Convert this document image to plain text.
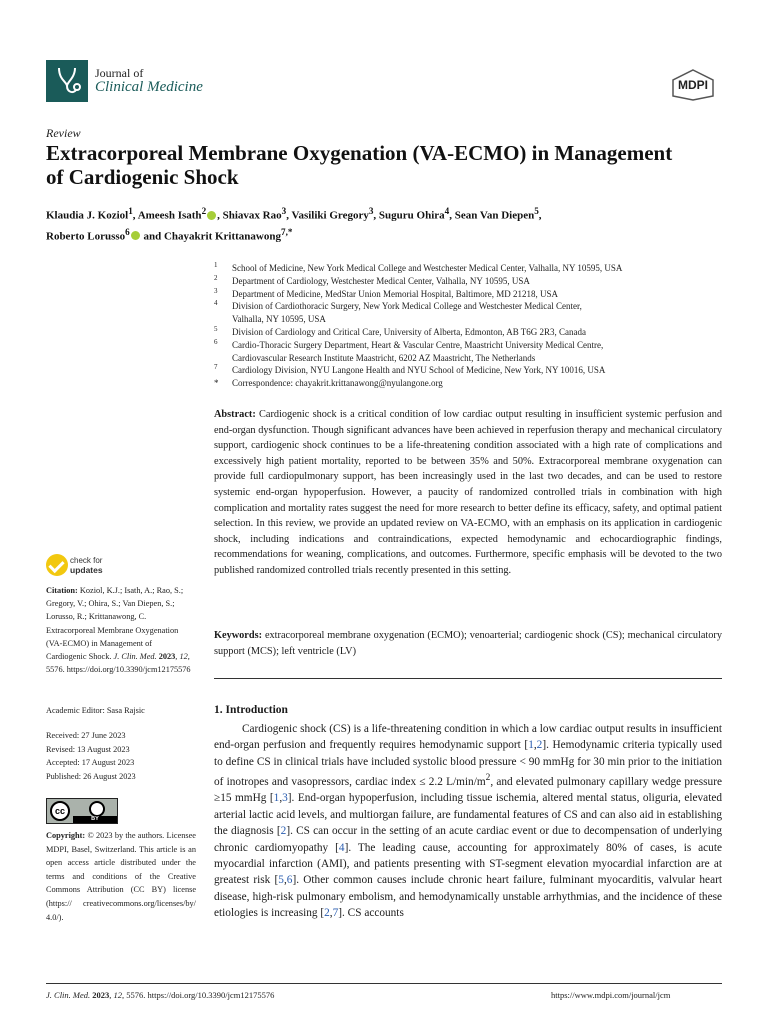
Journal of
Clinical Medicine	MDPI
Review
Extracorporeal Membrane Oxygenation (VA-ECMO) in Management of Cardiogenic Shock
Klaudia J. Koziol$^1$, Ameesh Isath$^2$ , Shiavax Rao$^3$, Vasiliki Gregory$^3$, Suguru Ohira$^4$, Sean Van Diepen$^5$,
Roberto Lorusso$^6$ and Chayakrit Krittanawong$^{7,*}$
1 School of Medicine, New York Medical College and Westchester Medical Center, Valhalla, NY 10595, USA
2 Department of Cardiology, Westchester Medical Center, Valhalla, NY 10595, USA
3 Department of Medicine, MedStar Union Memorial Hospital, Baltimore, MD 21218, USA
4 Division of Cardiothoracic Surgery, New York Medical College and Westchester Medical Center,
Valhalla, NY 10595, USA
5 Division of Cardiology and Critical Care, University of Alberta, Edmonton, AB T6G 2R3, Canada
6 Cardio-Thoracic Surgery Department, Heart & Vascular Centre, Maastricht University Medical Centre,
Cardiovascular Research Institute Maastricht, 6202 AZ Maastricht, The Netherlands
7 Cardiology Division, NYU Langone Health and NYU School of Medicine, New York, NY 10016, USA
* Correspondence: chayakrit.krittanawong@nyulangone.org
Abstract: Cardiogenic shock is a critical condition of low cardiac output resulting in insufficient systemic perfusion and end-organ dysfunction. Though significant advances have been achieved in reperfusion therapy and mechanical circulatory support, cardiogenic shock continues to be a life-threatening condition associated with a high rate of complications and excessively high patient mortality, reported to be between 35% and 50%. Extracorporeal membrane oxygenation can provide full cardiopulmonary support, has been increasingly used in the last two decades, and can be used to restore systemic end-organ hypoperfusion. However, a paucity of randomized controlled trials in combination with high complication and mortality rates suggest the need for more research to better define its efficacy, safety, and optimal patient selection. In this review, we provide an updated review on VA-ECMO, with an emphasis on its application in cardiogenic shock, including indications and contraindications, expected hemodynamic and echocardiographic findings, recommendations for weaning, complications, and outcomes. Furthermore, specific emphasis will be devoted to the two published randomized controlled trials recently presented in this setting.
Keywords: extracorporeal membrane oxygenation (ECMO); venoarterial; cardiogenic shock (CS); mechanical circulatory support (MCS); left ventricle (LV)
1. Introduction
Cardiogenic shock (CS) is a life-threatening condition in which a low cardiac output results in insufficient end-organ perfusion and frequently requires hemodynamic support [1,2]. Hemodynamic criteria typically used to define CS in clinical trials have included systolic blood pressure < 90 mmHg for 30 min prior to the initiation of inotropes and vasopressors, cardiac index ≤ 2.2 $L/\min/m^2$, and elevated pulmonary capillary wedge pressure ≥15 mmHg [1,3]. End-organ hypoperfusion, including tissue ischemia, altered mental status, oliguria, elevated arterial lactic acid levels, and multiorgan failure, are fundamental features of CS and can also aid in establishing the diagnosis [2]. CS can occur in the setting of an acute cardiac event or due to decompensation of underlying chronic cardiomyopathy [4]. The leading cause, accounting for approximately 80% of cases, is acute myocardial infarction (AMI), and patients presenting with ST-segment elevation myocardial infarction are at greatest risk [5,6]. Other common causes include chronic heart failure, fulminant myocarditis, valvular heart disease, high-risk pulmonary embolism, and hemodynamically unstable arrhythmias, and the incidence of these etiologies is increasing [2,7]. CS accounts
check for
updates
Citation: Koziol, K.J.; Isath, A.; Rao, S.; Gregory, V.; Ohira, S.; Van Diepen, S.; Lorusso, R.; Krittanawong, C. Extracorporeal Membrane Oxygenation (VA-ECMO) in Management of Cardiogenic Shock. J. Clin. Med. 2023, 12, 5576. https://doi.org/10.3390/jcm12175576
Academic Editor: Sasa Rajsic
Received: 27 June 2023
Revised: 13 August 2023
Accepted: 17 August 2023
Published: 26 August 2023
cc
BY
Copyright: © 2023 by the authors. Licensee MDPI, Basel, Switzerland. This article is an open access article distributed under the terms and conditions of the Creative Commons Attribution (CC BY) license (https:// creativecommons.org/licenses/by/ 4.0/).
J. Clin. Med. 2023, 12, 5576. https://doi.org/10.3390/jcm12175576	https://www.mdpi.com/journal/jcm
